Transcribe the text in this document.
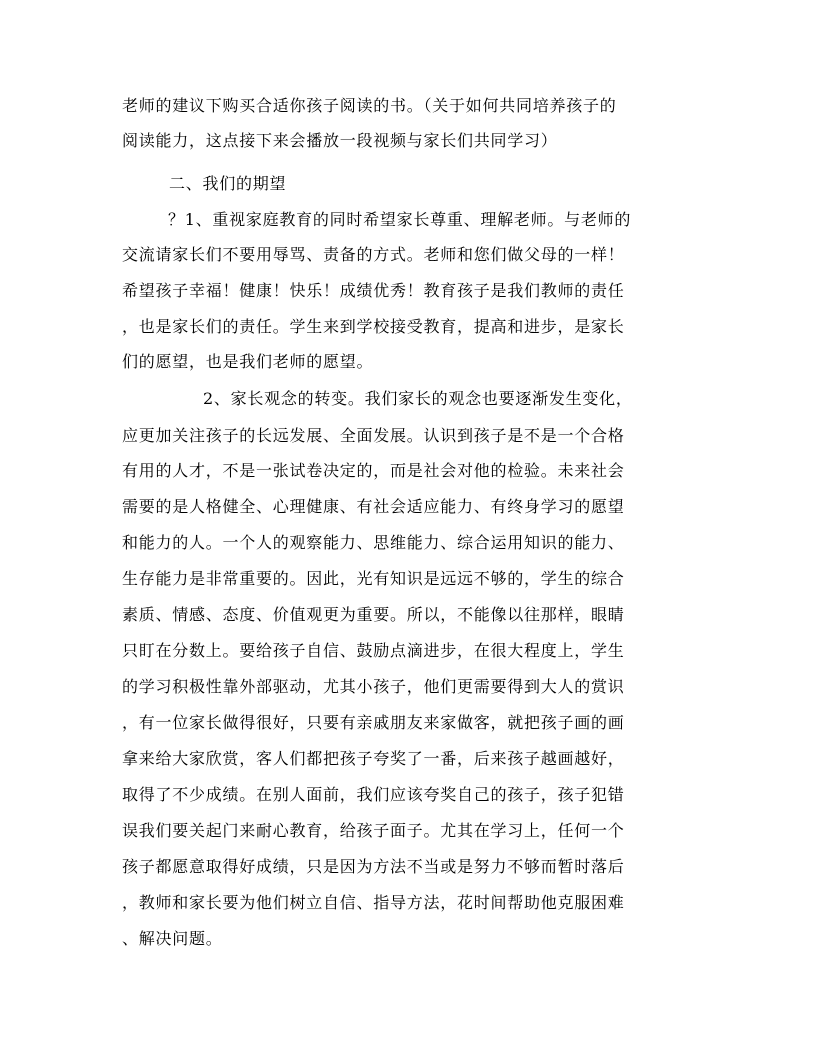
老师的建议下购买合适你孩子阅读的书。（关于如何共同培养孩子的
阅读能力，这点接下来会播放一段视频与家长们共同学习）
二、我们的期望
？1、重视家庭教育的同时希望家长尊重、理解老师。与老师的
交流请家长们不要用辱骂、责备的方式。老师和您们做父母的一样！
希望孩子幸福！健康！快乐！成绩优秀！教育孩子是我们教师的责任
，也是家长们的责任。学生来到学校接受教育，提高和进步，是家长
们的愿望，也是我们老师的愿望。
2、家长观念的转变。我们家长的观念也要逐渐发生变化，
应更加关注孩子的长远发展、全面发展。认识到孩子是不是一个合格
有用的人才，不是一张试卷决定的，而是社会对他的检验。未来社会
需要的是人格健全、心理健康、有社会适应能力、有终身学习的愿望
和能力的人。一个人的观察能力、思维能力、综合运用知识的能力、
生存能力是非常重要的。因此，光有知识是远远不够的，学生的综合
素质、情感、态度、价值观更为重要。所以，不能像以往那样，眼睛
只盯在分数上。要给孩子自信、鼓励点滴进步，在很大程度上，学生
的学习积极性靠外部驱动，尤其小孩子，他们更需要得到大人的赏识
，有一位家长做得很好，只要有亲戚朋友来家做客，就把孩子画的画
拿来给大家欣赏，客人们都把孩子夸奖了一番，后来孩子越画越好，
取得了不少成绩。在别人面前，我们应该夸奖自己的孩子，孩子犯错
误我们要关起门来耐心教育，给孩子面子。尤其在学习上，任何一个
孩子都愿意取得好成绩，只是因为方法不当或是努力不够而暂时落后
，教师和家长要为他们树立自信、指导方法，花时间帮助他克服困难
、解决问题。
